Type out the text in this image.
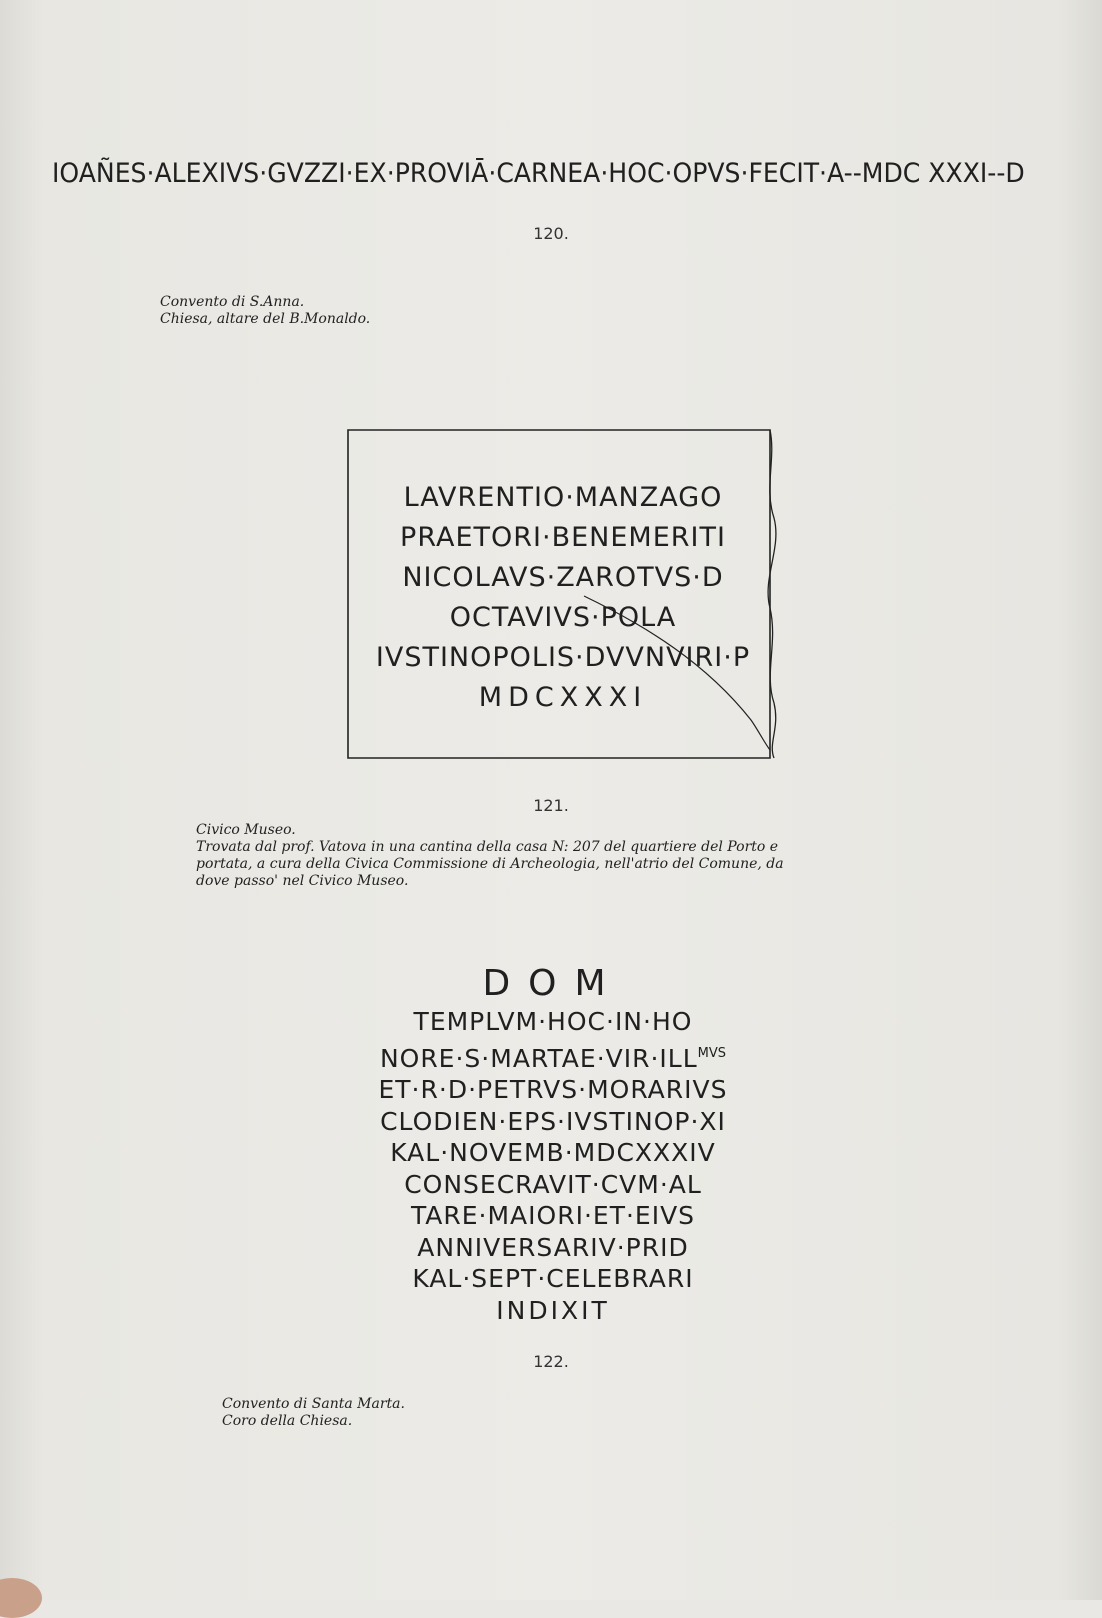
IOAÑES·ALEXIVS·GVZZI·EX·PROVIĀ·CARNEA·HOC·OPVS·FECIT·A--MDC XXXI--D
120.
Convento di S.Anna.
Chiesa, altare del B.Monaldo.
LAVRENTIO·MANZAGO
PRAETORI·BENEMERITI
NICOLAVS·ZAROTVS·D
OCTAVIVS·POLA
IVSTINOPOLIS·DVVNVIRI·P
MDCXXXI
121.
Civico Museo.
Trovata dal prof. Vatova in una cantina della casa N: 207 del quartiere del Porto e
portata, a cura della Civica Commissione di Archeologia, nell'atrio del Comune, da
dove passo' nel Civico Museo.
DOM
TEMPLVM·HOC·IN·HO
$NORE\cdot S\cdot MARTAE\cdot VIR\cdot ILL^{MVS}$
ET·R·D·PETRVS·MORARIVS
CLODIEN·EPS·IVSTINOP·XI
KAL·NOVEMB·MDCXXXIV
CONSECRAVIT·CVM·AL
TARE·MAIORI·ET·EIVS
ANNIVERSARIV·PRID
KAL·SEPT·CELEBRARI
INDIXIT
122.
Convento di Santa Marta.
Coro della Chiesa.
